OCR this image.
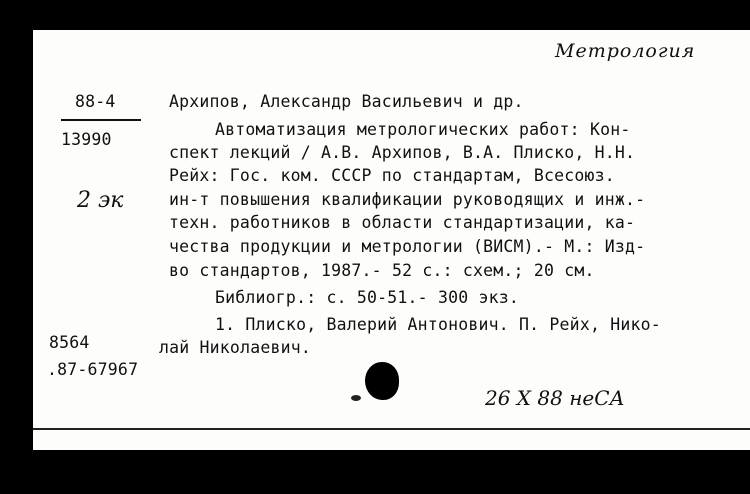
Метрология
88-4
13990
2 эк
Архипов, Александр Васильевич и др.
Автоматизация метрологических работ: Кон-
спект лекций / А.В. Архипов, В.А. Плиско, Н.Н.
Рейх: Гос. ком. СССР по стандартам, Всесоюз.
ин-т повышения квалификации руководящих и инж.-
техн. работников в области стандартизации, ка-
чества продукции и метрологии (ВИСМ).- М.: Изд-
во стандартов, 1987.- 52 с.: схем.; 20 см.
Библиогр.: с. 50-51.- 300 экз.
1. Плиско, Валерий Антонович. П. Рейх, Нико-
лай Николаевич.
8564
.87-67967
26 X 88 неСА
